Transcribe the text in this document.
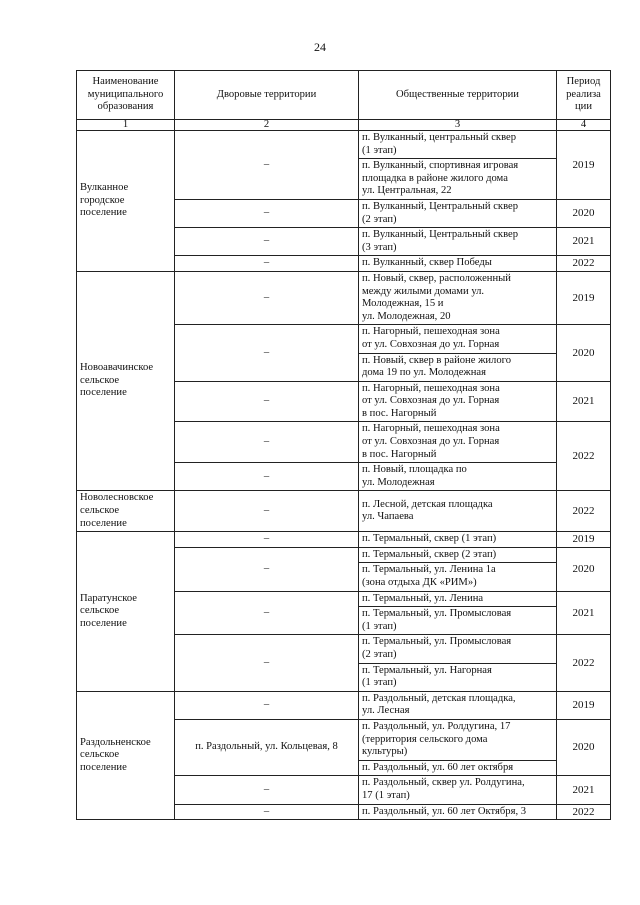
24
Наименование
муниципального
образования	Дворовые территории	Общественные территории	Период
реализа
ции
1	2	3	4
Вулканное
городское
поселение	–	п. Вулканный, центральный сквер
(1 этап)	2019
		п. Вулканный, спортивная игровая
площадка в районе жилого дома
ул. Центральная, 22	
	–	п. Вулканный, Центральный сквер
(2 этап)	2020
	–	п. Вулканный, Центральный сквер
(3 этап)	2021
	–	п. Вулканный, сквер Победы	2022
Новоавачинское
сельское
поселение	–	п. Новый, сквер, расположенный
между жилыми домами ул.
Молодежная, 15 и
ул. Молодежная, 20	2019
	–	п. Нагорный, пешеходная зона
от ул. Совхозная до ул. Горная	2020
		п. Новый, сквер в районе жилого
дома 19 по ул. Молодежная	
	–	п. Нагорный, пешеходная зона
от ул. Совхозная до ул. Горная
в пос. Нагорный	2021
	–	п. Нагорный, пешеходная зона
от ул. Совхозная до ул. Горная
в пос. Нагорный	2022
	–	п. Новый, площадка по
ул. Молодежная	
Новолесновское
сельское
поселение	–	п. Лесной, детская площадка
ул. Чапаева	2022
Паратунское
сельское
поселение	–	п. Термальный, сквер (1 этап)	2019
	–	п. Термальный, сквер (2 этап)	2020
		п. Термальный, ул. Ленина 1а
(зона отдыха ДК «РИМ»)	
	–	п. Термальный, ул. Ленина	2021
		п. Термальный, ул. Промысловая
(1 этап)	
	–	п. Термальный, ул. Промысловая
(2 этап)	2022
		п. Термальный, ул. Нагорная
(1 этап)	
Раздольненское
сельское
поселение	–	п. Раздольный, детская площадка,
ул. Лесная	2019
	п. Раздольный, ул. Кольцевая, 8	п. Раздольный, ул. Ролдугина, 17
(территория сельского дома
культуры)	2020
		п. Раздольный, ул. 60 лет октября	
	–	п. Раздольный, сквер ул. Ролдугина,
17 (1 этап)	2021
	–	п. Раздольный, ул. 60 лет Октября, 3	2022
